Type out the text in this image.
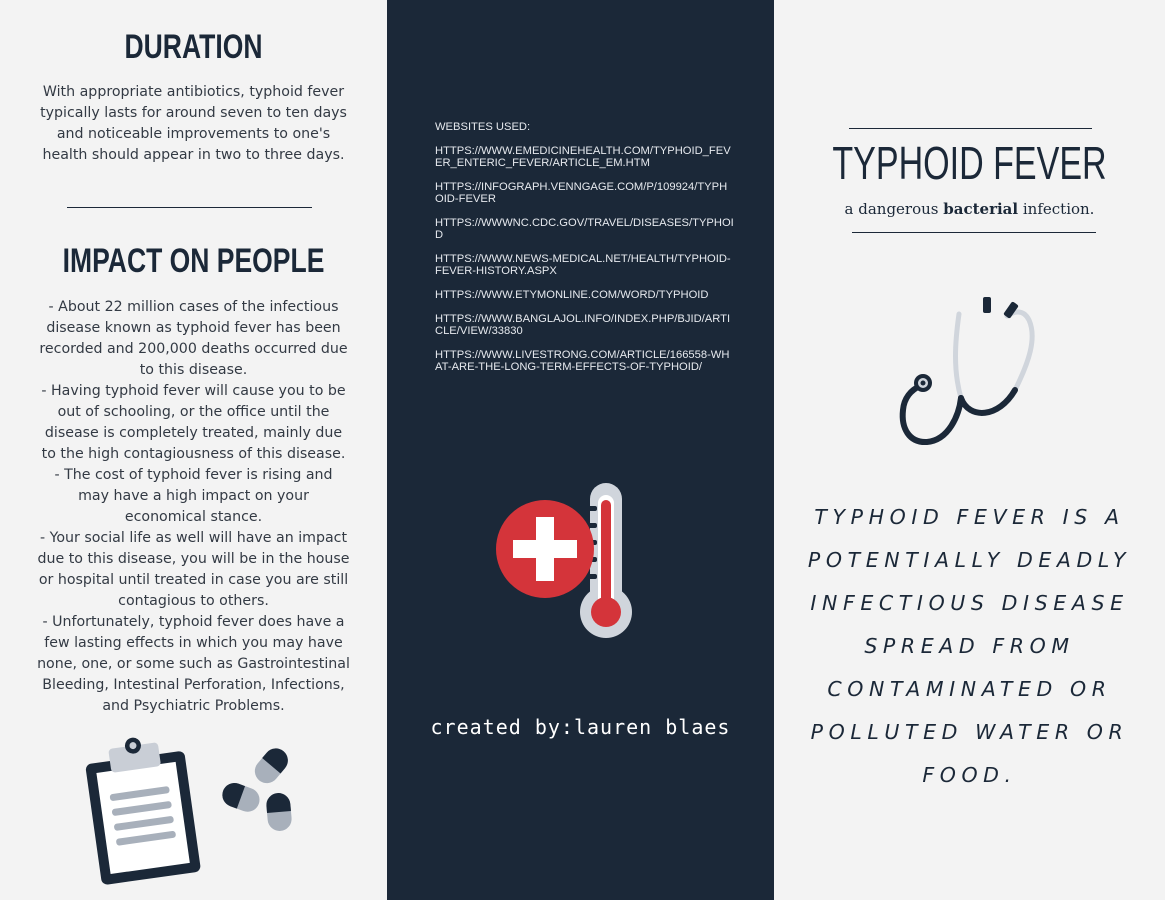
DURATION

With appropriate antibiotics, typhoid fever
typically lasts for around seven to ten days
and noticeable improvements to one's
health should appear in two to three days.

IMPACT ON PEOPLE

- About 22 million cases of the infectious
disease known as typhoid fever has been
recorded and 200,000 deaths occurred due
to this disease.
- Having typhoid fever will cause you to be
out of schooling, or the office until the
disease is completely treated, mainly due
to the high contagiousness of this disease.
- The cost of typhoid fever is rising and
may have a high impact on your
economical stance.
- Your social life as well will have an impact
due to this disease, you will be in the house
or hospital until treated in case you are still
contagious to others.
- Unfortunately, typhoid fever does have a
few lasting effects in which you may have
none, one, or some such as Gastrointestinal
Bleeding, Intestinal Perforation, Infections,
and Psychiatric Problems.

WEBSITES USED:

HTTPS://WWW.EMEDICINEHEALTH.COM/TYPHOID_FEVER_ENTERIC_FEVER/ARTICLE_EM.HTM

HTTPS://INFOGRAPH.VENNGAGE.COM/P/109924/TYPHOID-FEVER

HTTPS://WWWNC.CDC.GOV/TRAVEL/DISEASES/TYPHOID

HTTPS://WWW.NEWS-MEDICAL.NET/HEALTH/TYPHOID-FEVER-HISTORY.ASPX

HTTPS://WWW.ETYMONLINE.COM/WORD/TYPHOID

HTTPS://WWW.BANGLAJOL.INFO/INDEX.PHP/BJID/ARTICLE/VIEW/33830

HTTPS://WWW.LIVESTRONG.COM/ARTICLE/166558-WHAT-ARE-THE-LONG-TERM-EFFECTS-OF-TYPHOID/

created by:lauren blaes
TYPHOID FEVER

a dangerous bacterial infection.

TYPHOID FEVER IS A POTENTIALLY DEADLY INFECTIOUS DISEASE SPREAD FROM CONTAMINATED OR POLLUTED WATER OR FOOD.
